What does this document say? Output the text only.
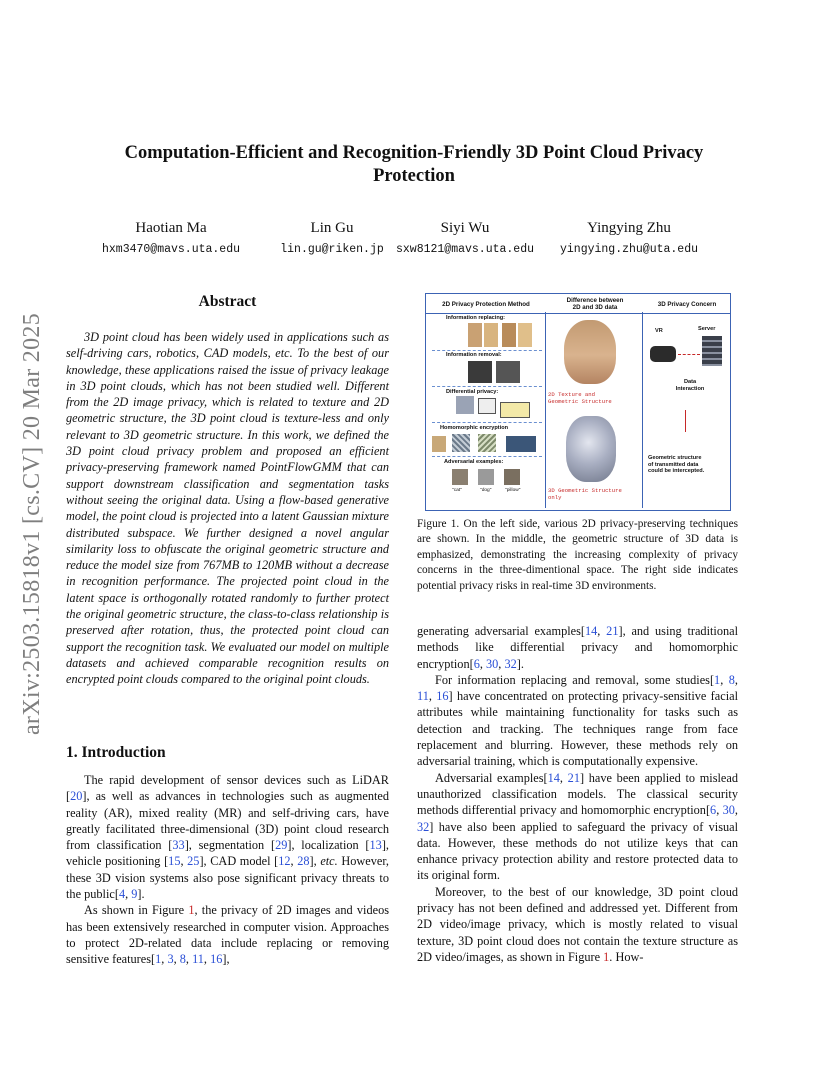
arXiv:2503.15818v1 [cs.CV] 20 Mar 2025
Computation-Efficient and Recognition-Friendly 3D Point Cloud Privacy
Protection
Haotian Ma
hxm3470@mavs.uta.edu
Lin Gu
lin.gu@riken.jp
Siyi Wu
sxw8121@mavs.uta.edu
Yingying Zhu
yingying.zhu@uta.edu
Abstract
3D point cloud has been widely used in applications such as self-driving cars, robotics, CAD models, etc. To the best of our knowledge, these applications raised the issue of privacy leakage in 3D point clouds, which has not been studied well. Different from the 2D image privacy, which is related to texture and 2D geometric structure, the 3D point cloud is texture-less and only relevant to 3D geometric structure. In this work, we defined the 3D point cloud privacy problem and proposed an efficient privacy-preserving framework named PointFlowGMM that can support downstream classification and segmentation tasks without seeing the original data. Using a flow-based generative model, the point cloud is projected into a latent Gaussian mixture distributed subspace. We further designed a novel angular similarity loss to obfuscate the original geometric structure and reduce the model size from 767MB to 120MB without a decrease in recognition performance. The projected point cloud in the latent space is orthogonally rotated randomly to further protect the original geometric structure, the class-to-class relationship is preserved after rotation, thus, the protected point cloud can support the recognition task. We evaluated our model on multiple datasets and achieved comparable recognition results on encrypted point clouds compared to the original point clouds.
1. Introduction

The rapid development of sensor devices such as LiDAR [20], as well as advances in technologies such as augmented reality (AR), mixed reality (MR) and self-driving cars, have greatly facilitated three-dimensional (3D) point cloud research from classification [33], segmentation [29], localization [13], vehicle positioning [15, 25], CAD model [12, 28], etc. However, these 3D vision systems also pose significant privacy threats to the public[4, 9].

As shown in Figure 1, the privacy of 2D images and videos has been extensively researched in computer vision. Approaches to protect 2D-related data include replacing or removing sensitive features[1, 3, 8, 11, 16],

2D Privacy Protection Method
Difference between
2D and 3D data	3D Privacy Concern
Information replacing:
Information removal:
Differential privacy:
Homomorphic encryption
Adversarial examples:
"cat"	"dog"	"pillow"
2D Texture and
Geometric Structure
3D Geometric Structure
only
VR	Server
Data
Interaction
Geometric structure
of transmitted data
could be intercepted.
Figure 1. On the left side, various 2D privacy-preserving techniques are shown. In the middle, the geometric structure of 3D data is emphasized, demonstrating the increasing complexity of privacy concerns in the three-dimentional space. The right side indicates potential privacy risks in real-time 3D environments.

generating adversarial examples[14, 21], and using traditional methods like differential privacy and homomorphic encryption[6, 30, 32].

For information replacing and removal, some studies[1, 8, 11, 16] have concentrated on protecting privacy-sensitive facial attributes while maintaining functionality for tasks such as detection and tracking. The techniques range from face replacement and blurring. However, these methods rely on adversarial training, which is computationally expensive.

Adversarial examples[14, 21] have been applied to mislead unauthorized classification models. The classical security methods differential privacy and homomorphic encryption[6, 30, 32] have also been applied to safeguard the privacy of visual data. However, these methods do not utilize keys that can enhance privacy protection ability and restore protected data to its original form.

Moreover, to the best of our knowledge, 3D point cloud privacy has not been defined and addressed yet. Different from 2D video/image privacy, which is mostly related to visual texture, 3D point cloud does not contain the texture structure as 2D video/images, as shown in Figure 1. How-
